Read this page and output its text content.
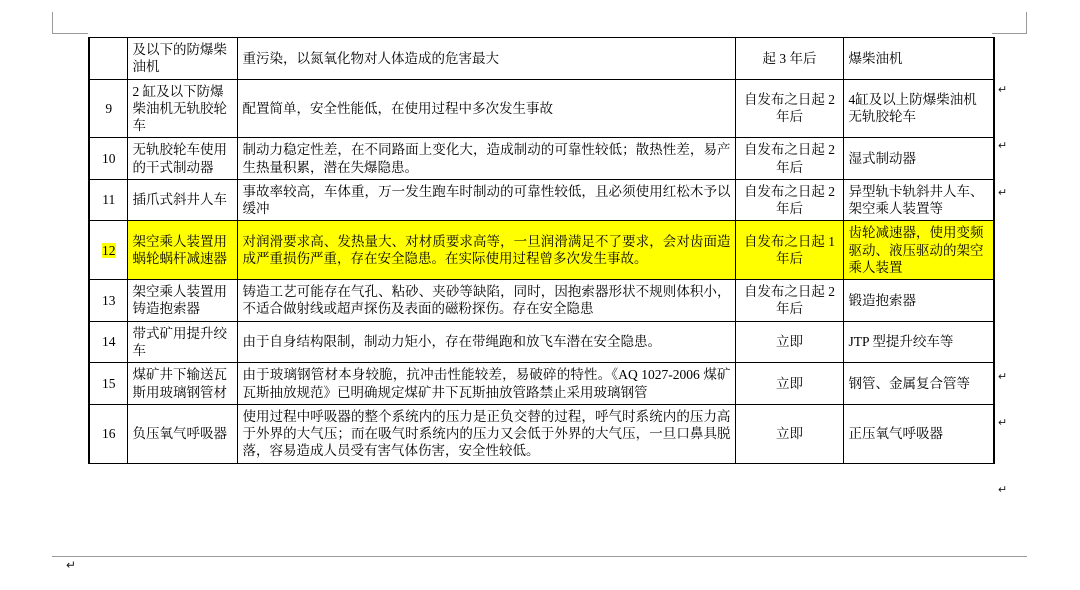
	及以下的防爆柴油机	重污染，以氮氧化物对人体造成的危害最大	起 3 年后	爆柴油机
9	2 缸及以下防爆柴油机无轨胶轮车	配置简单，安全性能低，在使用过程中多次发生事故	自发布之日起 2 年后	4缸及以上防爆柴油机无轨胶轮车
10	无轨胶轮车使用的干式制动器	制动力稳定性差，在不同路面上变化大，造成制动的可靠性较低；散热性差，易产生热量积累，潜在失爆隐患。	自发布之日起 2 年后	湿式制动器
11	插爪式斜井人车	事故率较高，车体重，万一发生跑车时制动的可靠性较低，且必须使用红松木予以缓冲	自发布之日起 2 年后	异型轨卡轨斜井人车、架空乘人装置等
12	架空乘人装置用蜗轮蜗杆减速器	对润滑要求高、发热量大、对材质要求高等，一旦润滑满足不了要求，会对齿面造成严重损伤严重，存在安全隐患。在实际使用过程曾多次发生事故。	自发布之日起 1 年后	齿轮减速器，使用变频驱动、液压驱动的架空乘人装置
13	架空乘人装置用铸造抱索器	铸造工艺可能存在气孔、粘砂、夹砂等缺陷，同时，因抱索器形状不规则体积小，不适合做射线或超声探伤及表面的磁粉探伤。存在安全隐患	自发布之日起 2 年后	锻造抱索器
14	带式矿用提升绞车	由于自身结构限制，制动力矩小，存在带绳跑和放飞车潜在安全隐患。	立即	JTP 型提升绞车等
15	煤矿井下输送瓦斯用玻璃钢管材	由于玻璃钢管材本身较脆，抗冲击性能较差，易破碎的特性。《AQ 1027-2006 煤矿瓦斯抽放规范》已明确规定煤矿井下瓦斯抽放管路禁止采用玻璃钢管	立即	钢管、金属复合管等
16	负压氧气呼吸器	使用过程中呼吸器的整个系统内的压力是正负交替的过程，呼气时系统内的压力高于外界的大气压；而在吸气时系统内的压力又会低于外界的大气压，一旦口鼻具脱落，容易造成人员受有害气体伤害，安全性较低。	立即	正压氧气呼吸器
↵
↵
↵
↵
↵
↵
↵
